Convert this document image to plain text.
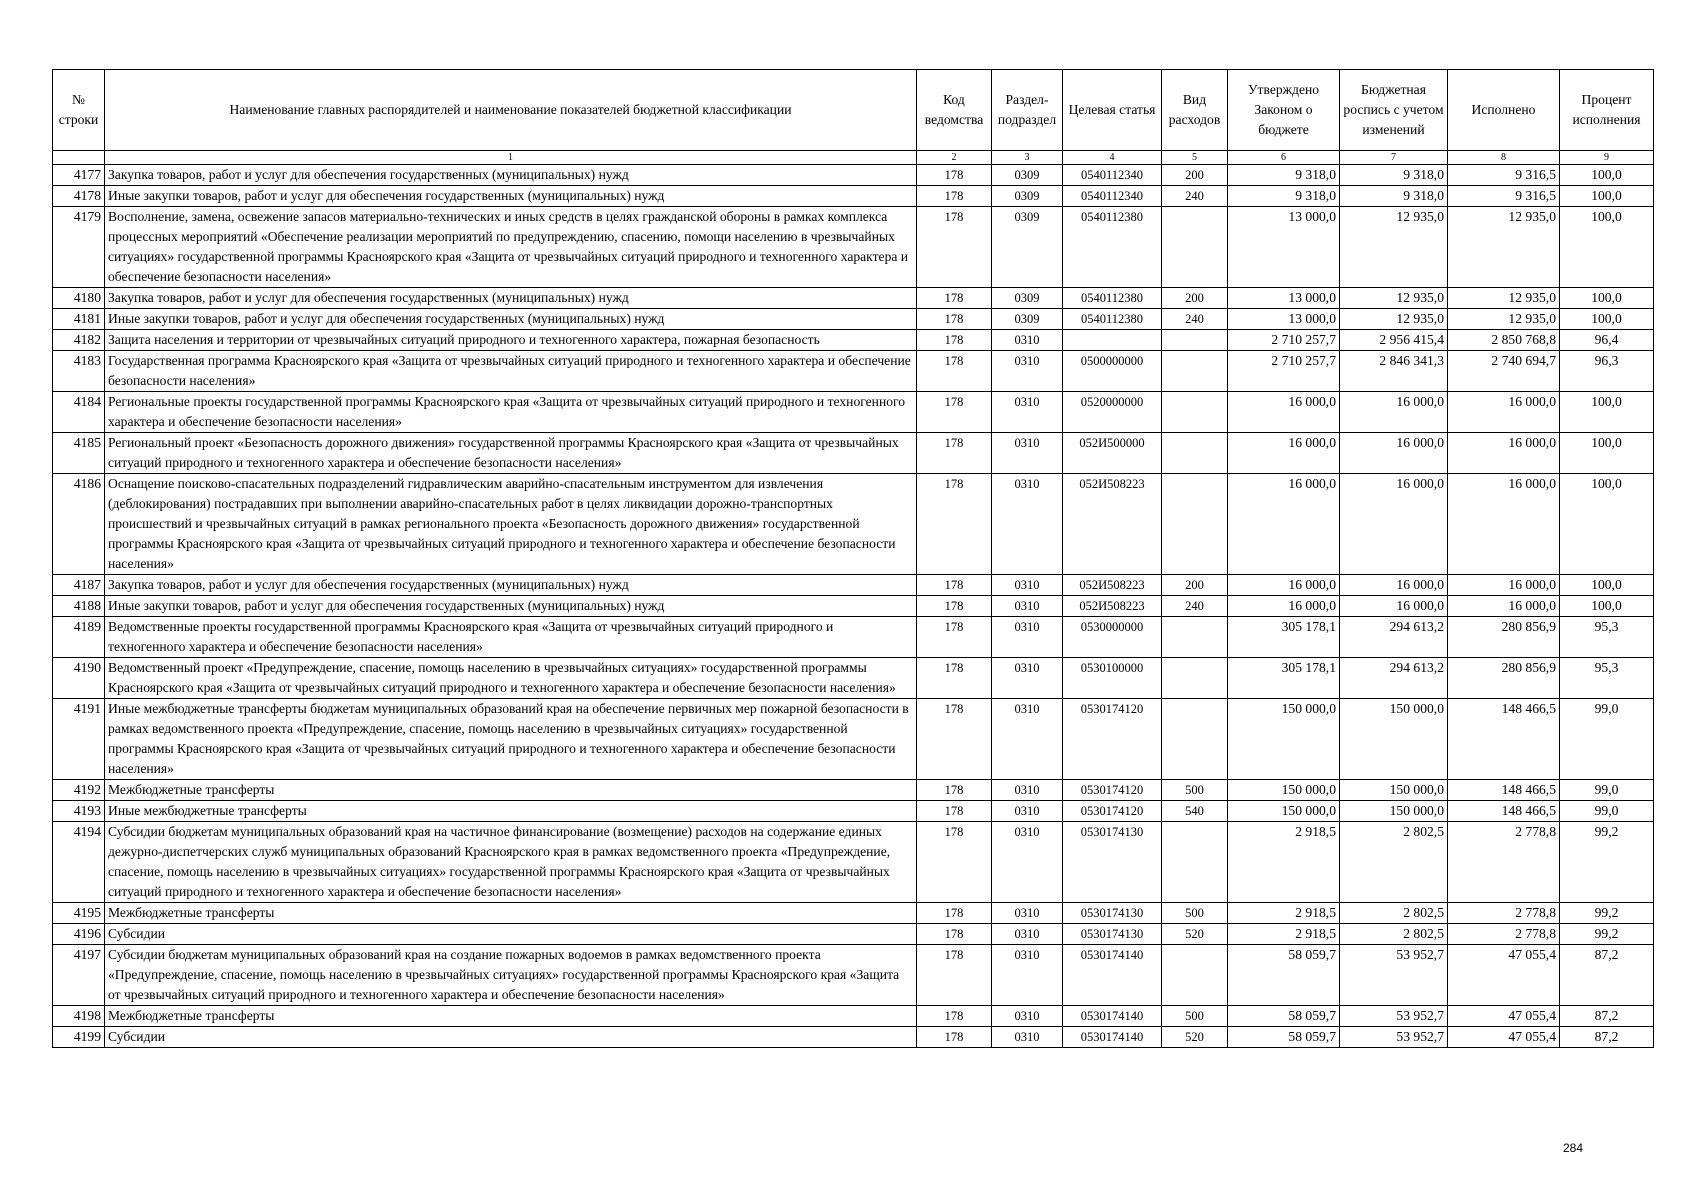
№ строки	Наименование главных распорядителей и наименование показателей бюджетной классификации	Код ведомства	Раздел-подраздел	Целевая статья	Вид расходов	Утверждено Законом о бюджете	Бюджетная роспись с учетом изменений	Исполнено	Процент исполнения
	1	2	3	4	5	6	7	8	9
4177	Закупка товаров, работ и услуг для обеспечения государственных (муниципальных) нужд	178	0309	0540112340	200	9 318,0	9 318,0	9 316,5	100,0
4178	Иные закупки товаров, работ и услуг для обеспечения государственных (муниципальных) нужд	178	0309	0540112340	240	9 318,0	9 318,0	9 316,5	100,0
4179	Восполнение, замена, освежение запасов материально-технических и иных средств в целях гражданской обороны в рамках комплекса процессных мероприятий «Обеспечение реализации мероприятий по предупреждению, спасению, помощи населению в чрезвычайных ситуациях» государственной программы Красноярского края «Защита от чрезвычайных ситуаций природного и техногенного характера и обеспечение безопасности населения»	178	0309	0540112380		13 000,0	12 935,0	12 935,0	100,0
4180	Закупка товаров, работ и услуг для обеспечения государственных (муниципальных) нужд	178	0309	0540112380	200	13 000,0	12 935,0	12 935,0	100,0
4181	Иные закупки товаров, работ и услуг для обеспечения государственных (муниципальных) нужд	178	0309	0540112380	240	13 000,0	12 935,0	12 935,0	100,0
4182	Защита населения и территории от чрезвычайных ситуаций природного и техногенного характера, пожарная безопасность	178	0310			2 710 257,7	2 956 415,4	2 850 768,8	96,4
4183	Государственная программа Красноярского края «Защита от чрезвычайных ситуаций природного и техногенного характера и обеспечение безопасности населения»	178	0310	0500000000		2 710 257,7	2 846 341,3	2 740 694,7	96,3
4184	Региональные проекты государственной программы Красноярского края «Защита от чрезвычайных ситуаций природного и техногенного характера и обеспечение безопасности населения»	178	0310	0520000000		16 000,0	16 000,0	16 000,0	100,0
4185	Региональный проект «Безопасность дорожного движения» государственной программы Красноярского края «Защита от чрезвычайных ситуаций природного и техногенного характера и обеспечение безопасности населения»	178	0310	052И500000		16 000,0	16 000,0	16 000,0	100,0
4186	Оснащение поисково-спасательных подразделений гидравлическим аварийно-спасательным инструментом для извлечения (деблокирования) пострадавших при выполнении аварийно-спасательных работ в целях ликвидации дорожно-транспортных происшествий и чрезвычайных ситуаций в рамках регионального проекта «Безопасность дорожного движения» государственной программы Красноярского края «Защита от чрезвычайных ситуаций природного и техногенного характера и обеспечение безопасности населения»	178	0310	052И508223		16 000,0	16 000,0	16 000,0	100,0
4187	Закупка товаров, работ и услуг для обеспечения государственных (муниципальных) нужд	178	0310	052И508223	200	16 000,0	16 000,0	16 000,0	100,0
4188	Иные закупки товаров, работ и услуг для обеспечения государственных (муниципальных) нужд	178	0310	052И508223	240	16 000,0	16 000,0	16 000,0	100,0
4189	Ведомственные проекты государственной программы Красноярского края «Защита от чрезвычайных ситуаций природного и техногенного характера и обеспечение безопасности населения»	178	0310	0530000000		305 178,1	294 613,2	280 856,9	95,3
4190	Ведомственный проект «Предупреждение, спасение, помощь населению в чрезвычайных ситуациях» государственной программы Красноярского края «Защита от чрезвычайных ситуаций природного и техногенного характера и обеспечение безопасности населения»	178	0310	0530100000		305 178,1	294 613,2	280 856,9	95,3
4191	Иные межбюджетные трансферты бюджетам муниципальных образований края на обеспечение первичных мер пожарной безопасности в рамках ведомственного проекта «Предупреждение, спасение, помощь населению в чрезвычайных ситуациях» государственной программы Красноярского края «Защита от чрезвычайных ситуаций природного и техногенного характера и обеспечение безопасности населения»	178	0310	0530174120		150 000,0	150 000,0	148 466,5	99,0
4192	Межбюджетные трансферты	178	0310	0530174120	500	150 000,0	150 000,0	148 466,5	99,0
4193	Иные межбюджетные трансферты	178	0310	0530174120	540	150 000,0	150 000,0	148 466,5	99,0
4194	Субсидии бюджетам муниципальных образований края на частичное финансирование (возмещение) расходов на содержание единых дежурно-диспетчерских служб муниципальных образований Красноярского края в рамках ведомственного проекта «Предупреждение, спасение, помощь населению в чрезвычайных ситуациях» государственной программы Красноярского края «Защита от чрезвычайных ситуаций природного и техногенного характера и обеспечение безопасности населения»	178	0310	0530174130		2 918,5	2 802,5	2 778,8	99,2
4195	Межбюджетные трансферты	178	0310	0530174130	500	2 918,5	2 802,5	2 778,8	99,2
4196	Субсидии	178	0310	0530174130	520	2 918,5	2 802,5	2 778,8	99,2
4197	Субсидии бюджетам муниципальных образований края на создание пожарных водоемов в рамках ведомственного проекта «Предупреждение, спасение, помощь населению в чрезвычайных ситуациях» государственной программы Красноярского края «Защита от чрезвычайных ситуаций природного и техногенного характера и обеспечение безопасности населения»	178	0310	0530174140		58 059,7	53 952,7	47 055,4	87,2
4198	Межбюджетные трансферты	178	0310	0530174140	500	58 059,7	53 952,7	47 055,4	87,2
4199	Субсидии	178	0310	0530174140	520	58 059,7	53 952,7	47 055,4	87,2
284
